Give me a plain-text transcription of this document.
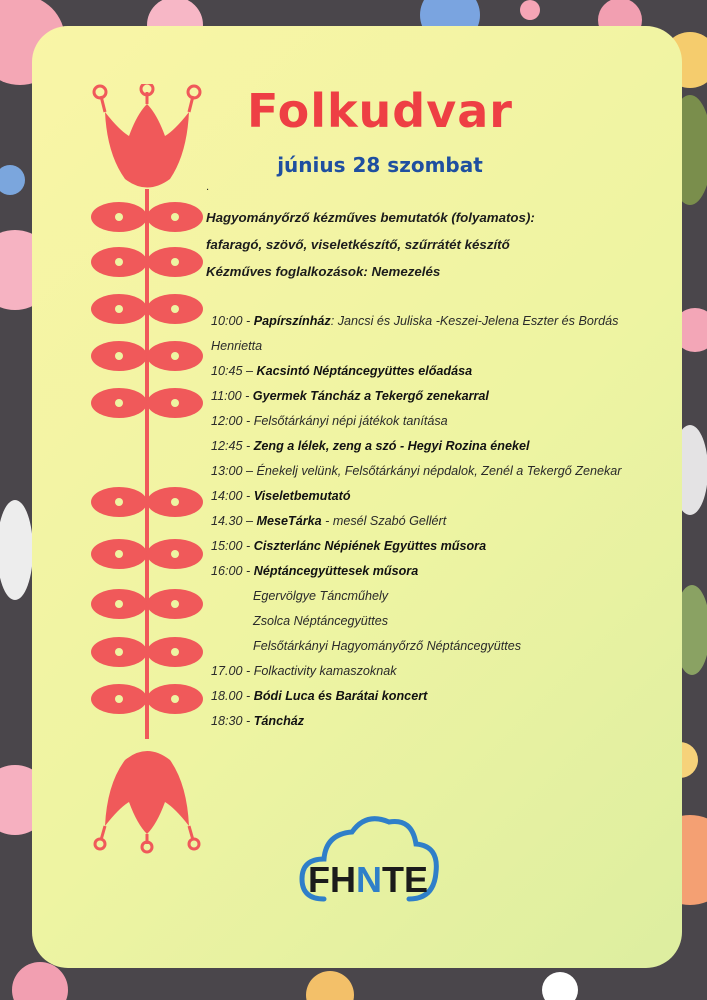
Folkudvar
június 28 szombat
.
Hagyományőrző kézműves bemutatók (folyamatos):
fafaragó, szövő, viseletkészítő, szűrrátét készítő
Kézműves foglalkozások: Nemezelés
10:00 - Papírszínház: Jancsi és Juliska -Keszei-Jelena Eszter és Bordás Henrietta
10:45 – Kacsintó Néptáncegyüttes előadása
11:00 - Gyermek Táncház a Tekergő zenekarral
12:00 - Felsőtárkányi népi játékok tanítása
12:45 - Zeng a lélek, zeng a szó - Hegyi Rozina énekel
13:00 – Énekelj velünk, Felsőtárkányi népdalok, Zenél a Tekergő Zenekar
14:00 - Viseletbemutató
14.30 – MeseTárka - mesél Szabó Gellért
15:00 - Ciszterlánc Népiének Együttes műsora
16:00 - Néptáncegyüttesek műsora
Egervölgye Táncműhely
Zsolca Néptáncegyüttes
Felsőtárkányi Hagyományőrző Néptáncegyüttes
17.00 - Folkactivity kamaszoknak
18.00 - Bódi Luca és Barátai koncert
18:30 - Táncház
FHNTE
